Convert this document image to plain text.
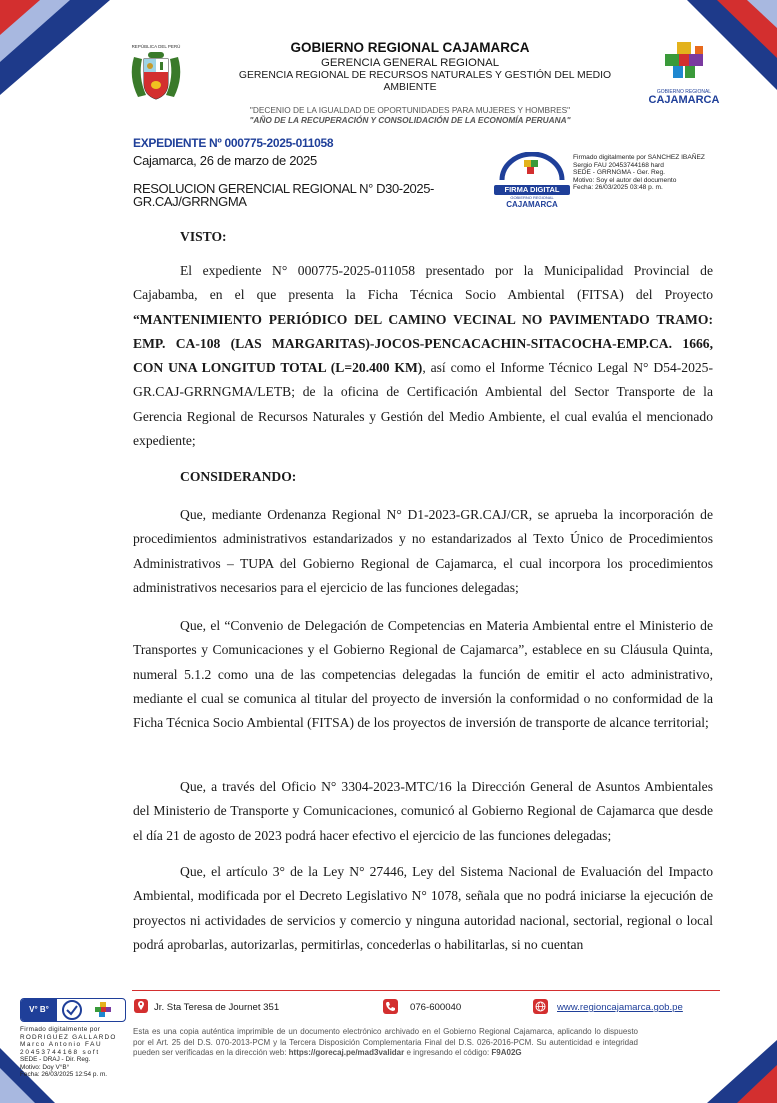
REPÚBLICA DEL PERÚ	GOBIERNO REGIONAL CAJAMARCA
GERENCIA GENERAL REGIONAL
GERENCIA REGIONAL DE RECURSOS NATURALES Y GESTIÓN DEL MEDIO
AMBIENTE
"DECENIO DE LA IGUALDAD DE OPORTUNIDADES PARA MUJERES Y HOMBRES"
"AÑO DE LA RECUPERACIÓN Y CONSOLIDACIÓN DE LA ECONOMÍA PERUANA"
GOBIERNO REGIONAL
CAJAMARCA
EXPEDIENTE Nº 000775-2025-011058
Cajamarca, 26 de marzo de 2025
RESOLUCION GERENCIAL REGIONAL N° D30-2025-
GR.CAJ/GRRNGMA
FIRMA DIGITAL
GOBIERNO REGIONAL
CAJAMARCA
Firmado digitalmente por SANCHEZ IBAÑEZ
Sergio FAU 20453744168 hard
SEDE - GRRNGMA - Ger. Reg.
Motivo: Soy el autor del documento
Fecha: 26/03/2025 03:48 p. m.
VISTO:
El expediente N° 000775-2025-011058 presentado por la Municipalidad Provincial de Cajabamba, en el que presenta la Ficha Técnica Socio Ambiental (FITSA) del Proyecto “MANTENIMIENTO PERIÓDICO DEL CAMINO VECINAL NO PAVIMENTADO TRAMO: EMP. CA-108 (LAS MARGARITAS)-JOCOS-PENCACACHIN-SITACOCHA-EMP.CA. 1666, CON UNA LONGITUD TOTAL (L=20.400 KM), así como el Informe Técnico Legal N° D54-2025-GR.CAJ-GRRNGMA/LETB; de la oficina de Certificación Ambiental del Sector Transporte de la Gerencia Regional de Recursos Naturales y Gestión del Medio Ambiente, el cual evalúa el mencionado expediente;
CONSIDERANDO:
Que, mediante Ordenanza Regional N° D1-2023-GR.CAJ/CR, se aprueba la incorporación de procedimientos administrativos estandarizados y no estandarizados al Texto Único de Procedimientos Administrativos – TUPA del Gobierno Regional de Cajamarca, el cual incorpora los procedimientos administrativos necesarios para el ejercicio de las funciones delegadas;
Que, el “Convenio de Delegación de Competencias en Materia Ambiental entre el Ministerio de Transportes y Comunicaciones y el Gobierno Regional de Cajamarca”, establece en su Cláusula Quinta, numeral 5.1.2 como una de las competencias delegadas la función de emitir el acto administrativo, mediante el cual se comunica al titular del proyecto de inversión la conformidad o no conformidad de la Ficha Técnica Socio Ambiental (FITSA) de los proyectos de inversión de transporte de alcance territorial;
Que, a través del Oficio N° 3304-2023-MTC/16 la Dirección General de Asuntos Ambientales del Ministerio de Transporte y Comunicaciones, comunicó al Gobierno Regional de Cajamarca que desde el día 21 de agosto de 2023 podrá hacer efectivo el ejercicio de las funciones delegadas;
Que, el artículo 3° de la Ley N° 27446, Ley del Sistema Nacional de Evaluación del Impacto Ambiental, modificada por el Decreto Legislativo N° 1078, señala que no podrá iniciarse la ejecución de proyectos ni actividades de servicios y comercio y ninguna autoridad nacional, sectorial, regional o local podrá aprobarlas, autorizarlas, permitirlas, concederlas o habilitarlas, si no cuentan
V° B°
Firmado digitalmente por
RODRIGUEZ GALLARDO
Marco Antonio FAU
20453744168 soft
SEDE - DRAJ - Dir. Reg.
Motivo: Doy V°B°
Fecha: 26/03/2025 12:54 p. m.
Jr. Sta Teresa de Journet 351	076-600040	www.regioncajamarca.gob.pe
Esta es una copia auténtica imprimible de un documento electrónico archivado en el Gobierno Regional Cajamarca, aplicando lo dispuesto por el Art. 25 del D.S. 070-2013-PCM y la Tercera Disposición Complementaria Final del D.S. 026-2016-PCM. Su autenticidad e integridad pueden ser verificadas en la dirección web: https://gorecaj.pe/mad3validar e ingresando el código: F9A02G	Pág. 1 / 5
